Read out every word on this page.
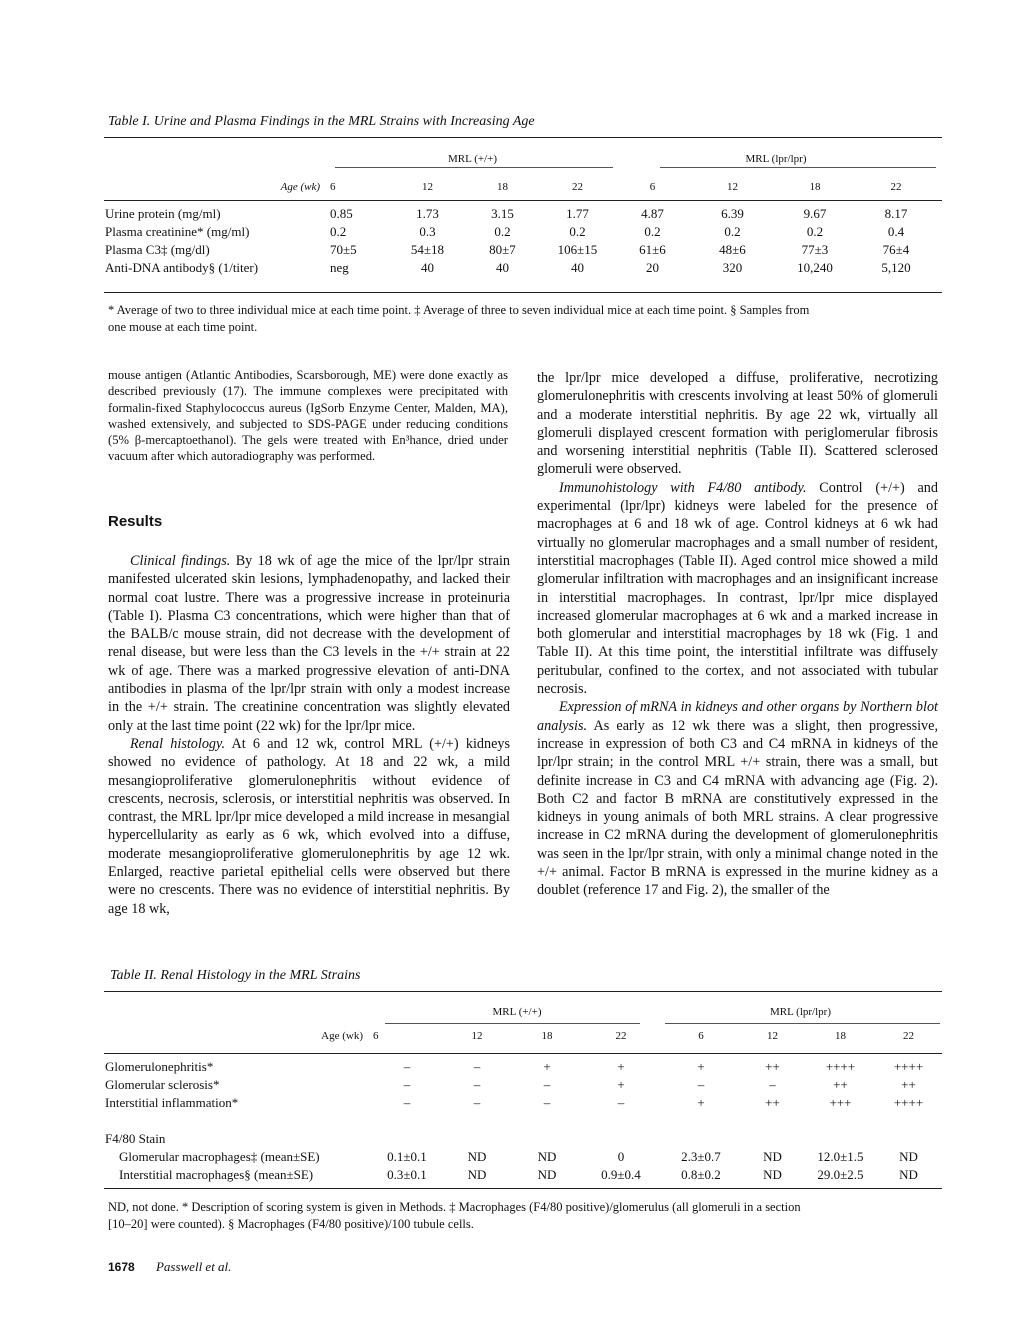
Table I. Urine and Plasma Findings in the MRL Strains with Increasing Age
	MRL (+/+)				MRL (lpr/lpr)			
Age (wk)	6	12	18	22	6	12	18	22

Urine protein (mg/ml)	0.85	1.73	3.15	1.77	4.87	6.39	9.67	8.17
Plasma creatinine* (mg/ml)	0.2	0.3	0.2	0.2	0.2	0.2	0.2	0.4
Plasma C3‡ (mg/dl)	70±5	54±18	80±7	106±15	61±6	48±6	77±3	76±4
Anti-DNA antibody§ (1/titer)	neg	40	40	40	20	320	10,240	5,120
* Average of two to three individual mice at each time point. ‡ Average of three to seven individual mice at each time point. § Samples from
one mouse at each time point.

mouse antigen (Atlantic Antibodies, Scarsborough, ME) were done exactly as described previously (17). The immune complexes were precipitated with formalin-fixed Staphylococcus aureus (IgSorb Enzyme Center, Malden, MA), washed extensively, and subjected to SDS-PAGE under reducing conditions (5% β-mercaptoethanol). The gels were treated with En³hance, dried under vacuum after which autoradiography was performed.

Results

Clinical findings. By 18 wk of age the mice of the lpr/lpr strain manifested ulcerated skin lesions, lymphadenopathy, and lacked their normal coat lustre. There was a progressive increase in proteinuria (Table I). Plasma C3 concentrations, which were higher than that of the BALB/c mouse strain, did not decrease with the development of renal disease, but were less than the C3 levels in the +/+ strain at 22 wk of age. There was a marked progressive elevation of anti-DNA antibodies in plasma of the lpr/lpr strain with only a modest increase in the +/+ strain. The creatinine concentration was slightly elevated only at the last time point (22 wk) for the lpr/lpr mice.

Renal histology. At 6 and 12 wk, control MRL (+/+) kidneys showed no evidence of pathology. At 18 and 22 wk, a mild mesangioproliferative glomerulonephritis without evidence of crescents, necrosis, sclerosis, or interstitial nephritis was observed. In contrast, the MRL lpr/lpr mice developed a mild increase in mesangial hypercellularity as early as 6 wk, which evolved into a diffuse, moderate mesangioproliferative glomerulonephritis by age 12 wk. Enlarged, reactive parietal epithelial cells were observed but there were no crescents. There was no evidence of interstitial nephritis. By age 18 wk,

the lpr/lpr mice developed a diffuse, proliferative, necrotizing glomerulonephritis with crescents involving at least 50% of glomeruli and a moderate interstitial nephritis. By age 22 wk, virtually all glomeruli displayed crescent formation with periglomerular fibrosis and worsening interstitial nephritis (Table II). Scattered sclerosed glomeruli were observed.

Immunohistology with F4/80 antibody. Control (+/+) and experimental (lpr/lpr) kidneys were labeled for the presence of macrophages at 6 and 18 wk of age. Control kidneys at 6 wk had virtually no glomerular macrophages and a small number of resident, interstitial macrophages (Table II). Aged control mice showed a mild glomerular infiltration with macrophages and an insignificant increase in interstitial macrophages. In contrast, lpr/lpr mice displayed increased glomerular macrophages at 6 wk and a marked increase in both glomerular and interstitial macrophages by 18 wk (Fig. 1 and Table II). At this time point, the interstitial infiltrate was diffusely peritubular, confined to the cortex, and not associated with tubular necrosis.

Expression of mRNA in kidneys and other organs by Northern blot analysis. As early as 12 wk there was a slight, then progressive, increase in expression of both C3 and C4 mRNA in kidneys of the lpr/lpr strain; in the control MRL +/+ strain, there was a small, but definite increase in C3 and C4 mRNA with advancing age (Fig. 2). Both C2 and factor B mRNA are constitutively expressed in the kidneys in young animals of both MRL strains. A clear progressive increase in C2 mRNA during the development of glomerulonephritis was seen in the lpr/lpr strain, with only a minimal change noted in the +/+ animal. Factor B mRNA is expressed in the murine kidney as a doublet (reference 17 and Fig. 2), the smaller of the

Table II. Renal Histology in the MRL Strains
	MRL (+/+)				MRL (lpr/lpr)			
Age (wk)	6	12	18	22	6	12	18	22
Glomerulonephritis*	–	–	+	+	+	++	++++	++++
Glomerular sclerosis*	–	–	–	+	–	–	++	++
Interstitial inflammation*	–	–	–	–	+	++	+++	++++

F4/80 Stain								
Glomerular macrophages‡ (mean±SE)	0.1±0.1	ND	ND	0	2.3±0.7	ND	12.0±1.5	ND
Interstitial macrophages§ (mean±SE)	0.3±0.1	ND	ND	0.9±0.4	0.8±0.2	ND	29.0±2.5	ND
ND, not done. * Description of scoring system is given in Methods. ‡ Macrophages (F4/80 positive)/glomerulus (all glomeruli in a section
[10–20] were counted). § Macrophages (F4/80 positive)/100 tubule cells.
1678 Passwell et al.
